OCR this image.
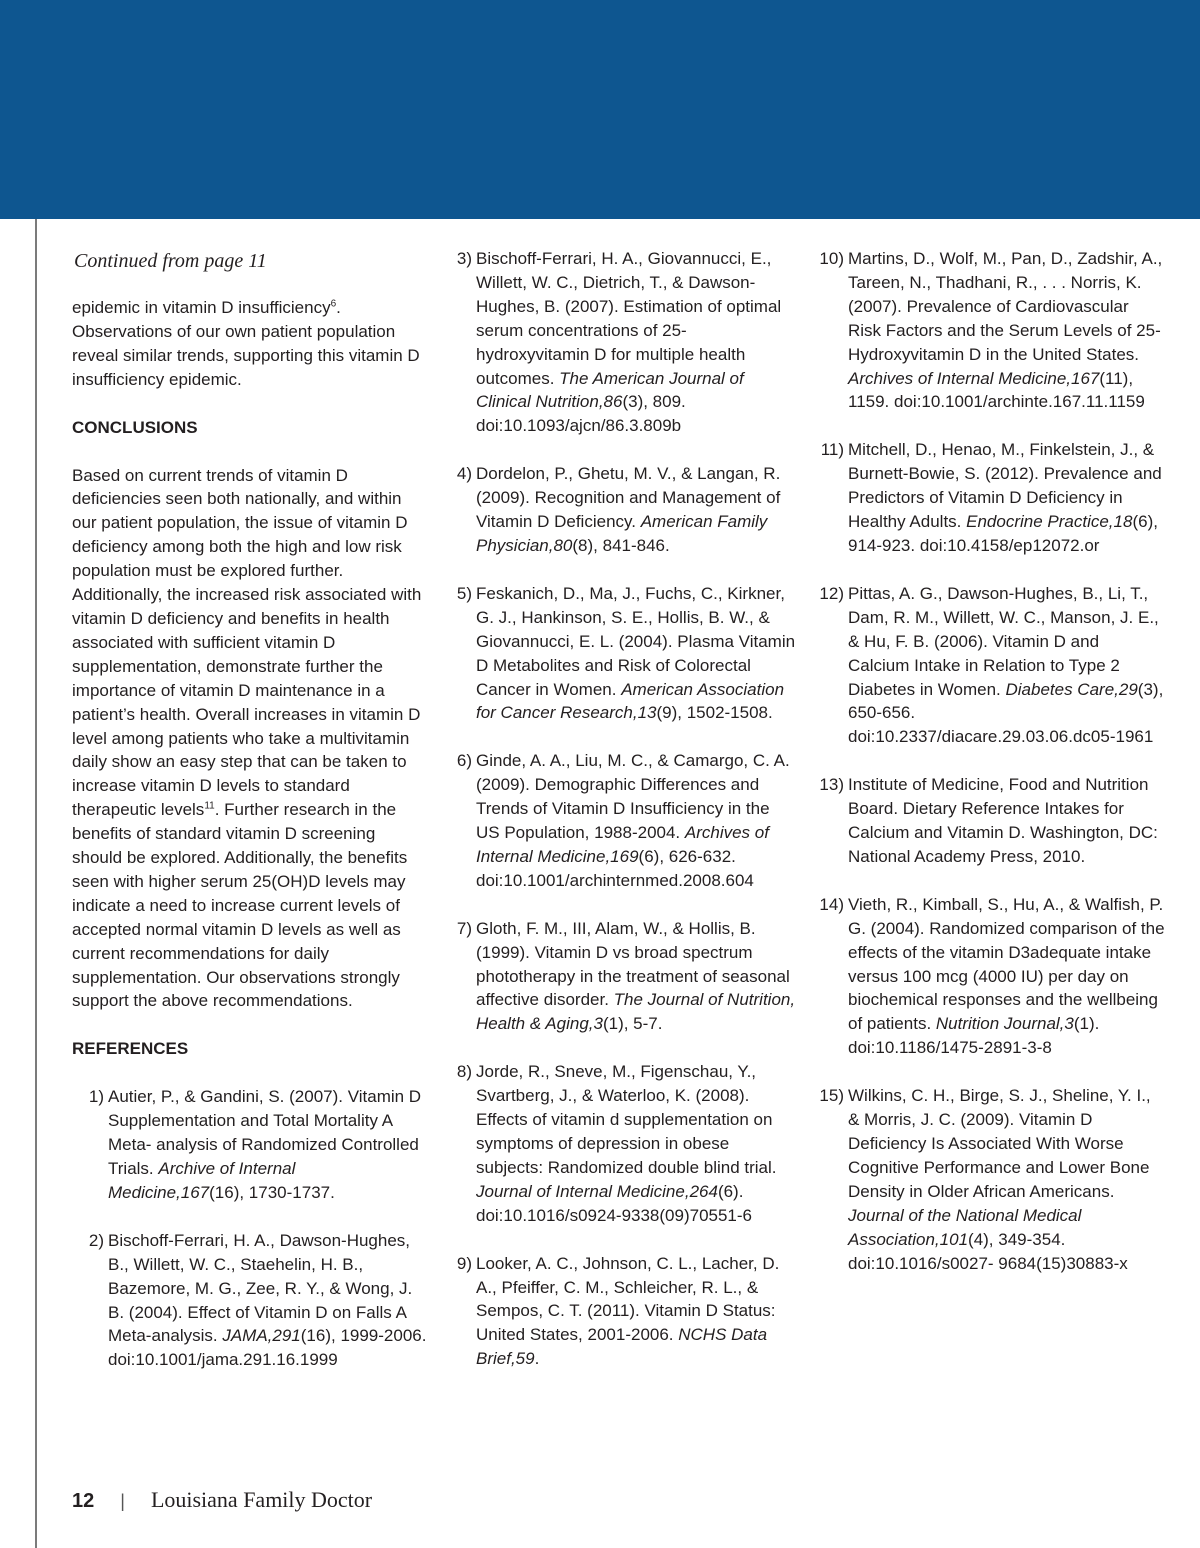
Continued from page 11

epidemic in vitamin D insufficiency$^6$. Observations of our own patient population reveal similar trends, supporting this vitamin D insufficiency epidemic.

CONCLUSIONS

Based on current trends of vitamin D deficiencies seen both nationally, and within our patient population, the issue of vitamin D deficiency among both the high and low risk population must be explored further. Additionally, the increased risk associated with vitamin D deficiency and benefits in health associated with sufficient vitamin D supplementation, demonstrate further the importance of vitamin D maintenance in a patient’s health. Overall increases in vitamin D level among patients who take a multivitamin daily show an easy step that can be taken to increase vitamin D levels to standard therapeutic levels$^{11}$. Further research in the benefits of standard vitamin D screening should be explored. Additionally, the benefits seen with higher serum 25(OH)D levels may indicate a need to increase current levels of accepted normal vitamin D levels as well as current recommendations for daily supplementation. Our observations strongly support the above recommendations.

REFERENCES

1) Autier, P., & Gandini, S. (2007). Vitamin D Supplementation and Total Mortality A Meta- analysis of Randomized Controlled Trials. Archive of Internal Medicine,167(16), 1730-1737.
2) Bischoff-Ferrari, H. A., Dawson-Hughes, B., Willett, W. C., Staehelin, H. B., Bazemore, M. G., Zee, R. Y., & Wong, J. B. (2004). Effect of Vitamin D on Falls A Meta-analysis. JAMA,291(16), 1999-2006. doi:10.1001/jama.291.16.1999
3) Bischoff-Ferrari, H. A., Giovannucci, E., Willett, W. C., Dietrich, T., & Dawson-Hughes, B. (2007). Estimation of optimal serum concentrations of 25-hydroxyvitamin D for multiple health outcomes. The American Journal of Clinical Nutrition,86(3), 809. doi:10.1093/ajcn/86.3.809b
4) Dordelon, P., Ghetu, M. V., & Langan, R. (2009). Recognition and Management of Vitamin D Deficiency. American Family Physician,80(8), 841-846.
5) Feskanich, D., Ma, J., Fuchs, C., Kirkner, G. J., Hankinson, S. E., Hollis, B. W., & Giovannucci, E. L. (2004). Plasma Vitamin D Metabolites and Risk of Colorectal Cancer in Women. American Association for Cancer Research,13(9), 1502-1508.
6) Ginde, A. A., Liu, M. C., & Camargo, C. A. (2009). Demographic Differences and Trends of Vitamin D Insufficiency in the US Population, 1988-2004. Archives of Internal Medicine,169(6), 626-632. doi:10.1001/archinternmed.2008.604
7) Gloth, F. M., III, Alam, W., & Hollis, B. (1999). Vitamin D vs broad spectrum phototherapy in the treatment of seasonal affective disorder. The Journal of Nutrition, Health & Aging,3(1), 5-7.
8) Jorde, R., Sneve, M., Figenschau, Y., Svartberg, J., & Waterloo, K. (2008). Effects of vitamin d supplementation on symptoms of depression in obese subjects: Randomized double blind trial. Journal of Internal Medicine,264(6). doi:10.1016/s0924-9338(09)70551-6
9) Looker, A. C., Johnson, C. L., Lacher, D. A., Pfeiffer, C. M., Schleicher, R. L., & Sempos, C. T. (2011). Vitamin D Status: United States, 2001-2006. NCHS Data Brief,59.
10) Martins, D., Wolf, M., Pan, D., Zadshir, A., Tareen, N., Thadhani, R., . . . Norris, K. (2007). Prevalence of Cardiovascular Risk Factors and the Serum Levels of 25-Hydroxyvitamin D in the United States. Archives of Internal Medicine,167(11), 1159. doi:10.1001/archinte.167.11.1159
11) Mitchell, D., Henao, M., Finkelstein, J., & Burnett-Bowie, S. (2012). Prevalence and Predictors of Vitamin D Deficiency in Healthy Adults. Endocrine Practice,18(6), 914-923. doi:10.4158/ep12072.or
12) Pittas, A. G., Dawson-Hughes, B., Li, T., Dam, R. M., Willett, W. C., Manson, J. E., & Hu, F. B. (2006). Vitamin D and Calcium Intake in Relation to Type 2 Diabetes in Women. Diabetes Care,29(3), 650-656. doi:10.2337/diacare.29.03.06.dc05-1961
13) Institute of Medicine, Food and Nutrition Board. Dietary Reference Intakes for Calcium and Vitamin D. Washington, DC: National Academy Press, 2010.
14) Vieth, R., Kimball, S., Hu, A., & Walfish, P. G. (2004). Randomized comparison of the effects of the vitamin D3adequate intake versus 100 mcg (4000 IU) per day on biochemical responses and the wellbeing of patients. Nutrition Journal,3(1). doi:10.1186/1475-2891-3-8
15) Wilkins, C. H., Birge, S. J., Sheline, Y. I., & Morris, J. C. (2009). Vitamin D Deficiency Is Associated With Worse Cognitive Performance and Lower Bone Density in Older African Americans. Journal of the National Medical Association,101(4), 349-354. doi:10.1016/s0027- 9684(15)30883-x
12 | Louisiana Family Doctor
